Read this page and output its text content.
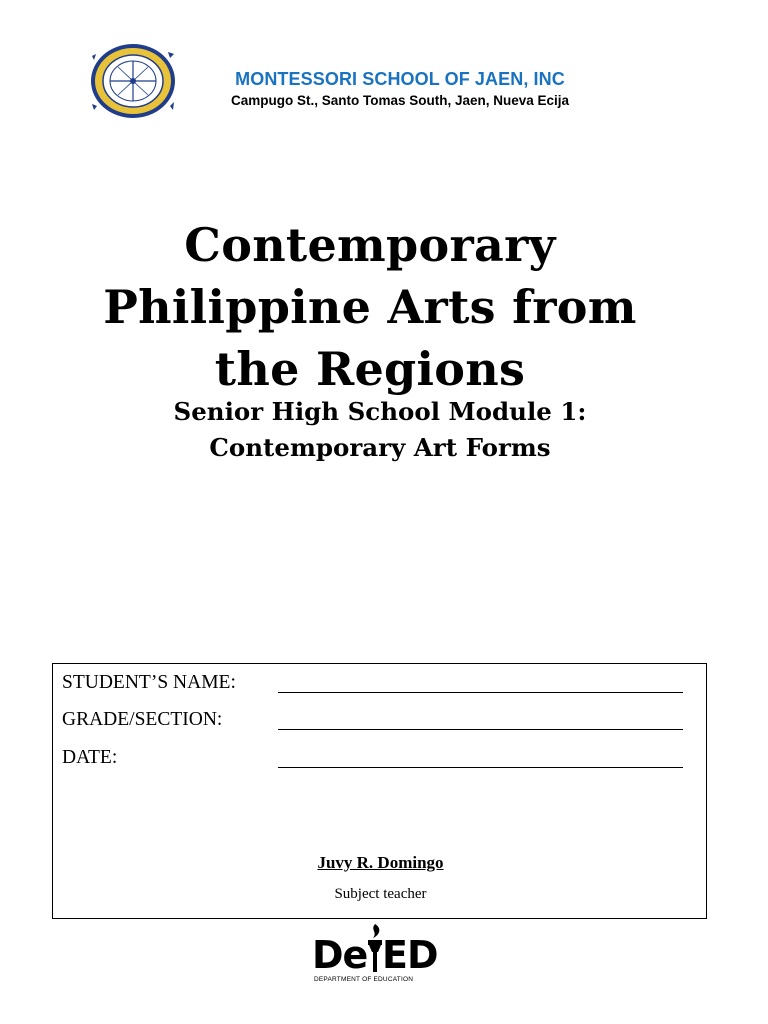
MONTESSORI SCHOOL OF JAEN, INC
Campugo St., Santo Tomas South, Jaen, Nueva Ecija
Contemporary
Philippine Arts from
the Regions
Senior High School Module 1:
Contemporary Art Forms
STUDENT’S NAME:
GRADE/SECTION:
DATE:
Juvy R. Domingo
Subject teacher
De ED
DEPARTMENT OF EDUCATION
